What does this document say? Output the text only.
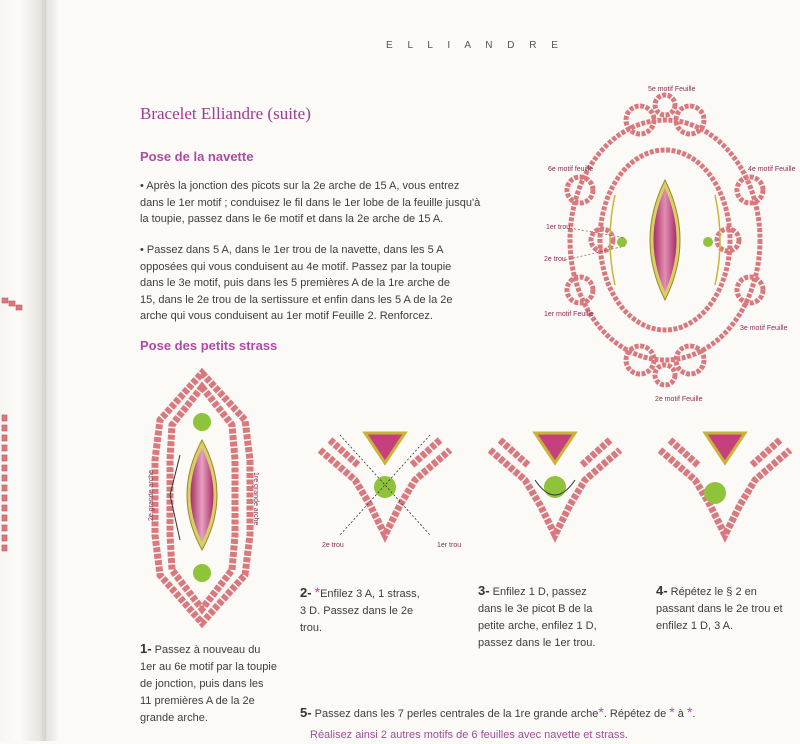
E L L I A N D R E
Bracelet Elliandre (suite)
Pose de la navette
• Après la jonction des picots sur la 2e arche de 15 A, vous entrez
dans le 1er motif ; conduisez le fil dans le 1er lobe de la feuille jusqu'à
la toupie, passez dans le 6e motif et dans la 2e arche de 15 A.
• Passez dans 5 A, dans le 1er trou de la navette, dans les 5 A
opposées qui vous conduisent au 4e motif. Passez par la toupie
dans le 3e motif, puis dans les 5 premières A de la 1re arche de
15, dans le 2e trou de la sertissure et enfin dans les 5 A de la 2e
arche qui vous conduisent au 1er motif Feuille 2. Renforcez.
Pose des petits strass
5e motif Feuille
6e motif feuille	4e motif Feuille
1er trou
2e trou
1er motif Feuille
3e motif Feuille
2e motif Feuille
2e grande arche	1re grande arche
2e trou	1er trou
1- Passez à nouveau du
1er au 6e motif par la toupie
de jonction, puis dans les
11 premières A de la 2e
grande arche.
2- *Enfilez 3 A, 1 strass,
3 D. Passez dans le 2e
trou.
3- Enfilez 1 D, passez
dans le 3e picot B de la
petite arche, enfilez 1 D,
passez dans le 1er trou.
4- Répétez le § 2 en
passant dans le 2e trou et
enfilez 1 D, 3 A.
5- Passez dans les 7 perles centrales de la 1re grande arche*. Répétez de * à *.
Réalisez ainsi 2 autres motifs de 6 feuilles avec navette et strass.
